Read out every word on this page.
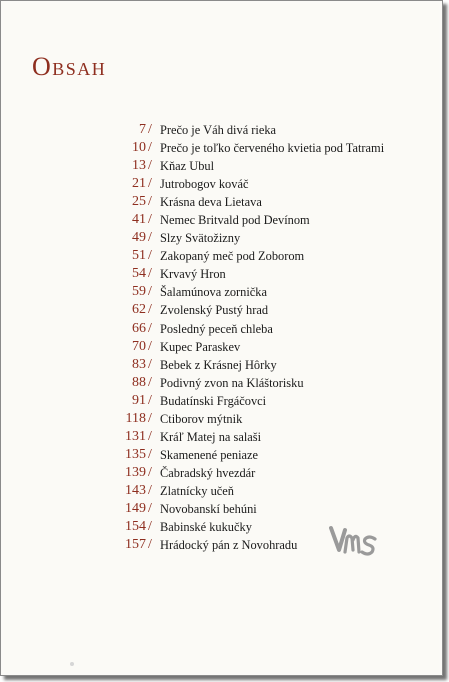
Obsah
7 / Prečo je Váh divá rieka
10 / Prečo je toľko červeného kvietia pod Tatrami
13 / Kňaz Ubul
21 / Jutrobogov kováč
25 / Krásna deva Lietava
41 / Nemec Britvald pod Devínom
49 / Slzy Svätožizny
51 / Zakopaný meč pod Zoborom
54 / Krvavý Hron
59 / Šalamúnova zornička
62 / Zvolenský Pustý hrad
66 / Posledný peceň chleba
70 / Kupec Paraskev
83 / Bebek z Krásnej Hôrky
88 / Podivný zvon na Kláštorisku
91 / Budatínski Frgáčovci
118 / Ctiborov mýtnik
131 / Kráľ Matej na salaši
135 / Skamenené peniaze
139 / Čabradský hvezdár
143 / Zlatnícky učeň
149 / Novobanskí behúni
154 / Babinské kukučky
157 / Hrádocký pán z Novohradu
